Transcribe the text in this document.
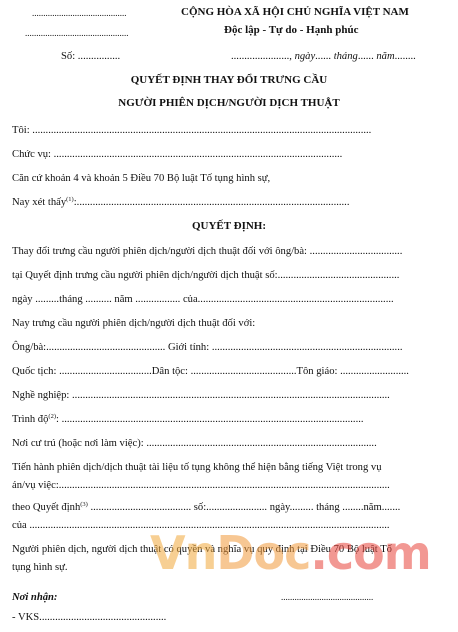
..........................................
..............................................
Số: ................
CỘNG HÒA XÃ HỘI CHỦ NGHĨA VIỆT NAM
Độc lập - Tự do - Hạnh phúc
......................, ngày...... tháng...... năm........
QUYẾT ĐỊNH THAY ĐỔI TRƯNG CẦU
NGƯỜI PHIÊN DỊCH/NGƯỜI DỊCH THUẬT
Tôi: ................................................................................................................................
Chức vụ: .............................................................................................................
Căn cứ khoản 4 và khoản 5 Điều 70 Bộ luật Tố tụng hình sự,
Nay xét thấy$^{(1)}$:.......................................................................................................
QUYẾT ĐỊNH:
Thay đổi trưng cầu người phiên dịch/người dịch thuật đối với ông/bà: ...................................
tại Quyết định trưng cầu người phiên dịch/người dịch thuật số:..............................................
ngày .........tháng .......... năm ................. của..........................................................................
Nay trưng cầu người phiên dịch/người dịch thuật đối với:
Ông/bà:............................................. Giới tính: ........................................................................
Quốc tịch: ...................................Dân tộc: ........................................Tôn giáo: ..........................
Nghề nghiệp: ........................................................................................................................
Trình độ$^{(2)}$: ..................................................................................................................
Nơi cư trú (hoặc nơi làm việc): .......................................................................................
Tiến hành phiên dịch/dịch thuật tài liệu tố tụng không thể hiện bằng tiếng Việt trong vụ
án/vụ việc:.............................................................................................................................
theo Quyết định$^{(3)}$ ...................................... số:....................... ngày......... tháng ........năm.......
của ........................................................................................................................................
Người phiên dịch, người dịch thuật có quyền và nghĩa vụ quy định tại Điều 70 Bộ luật Tố
tụng hình sự.
Nơi nhận:	.........................................
- VKS................................................
VnDoc.com
